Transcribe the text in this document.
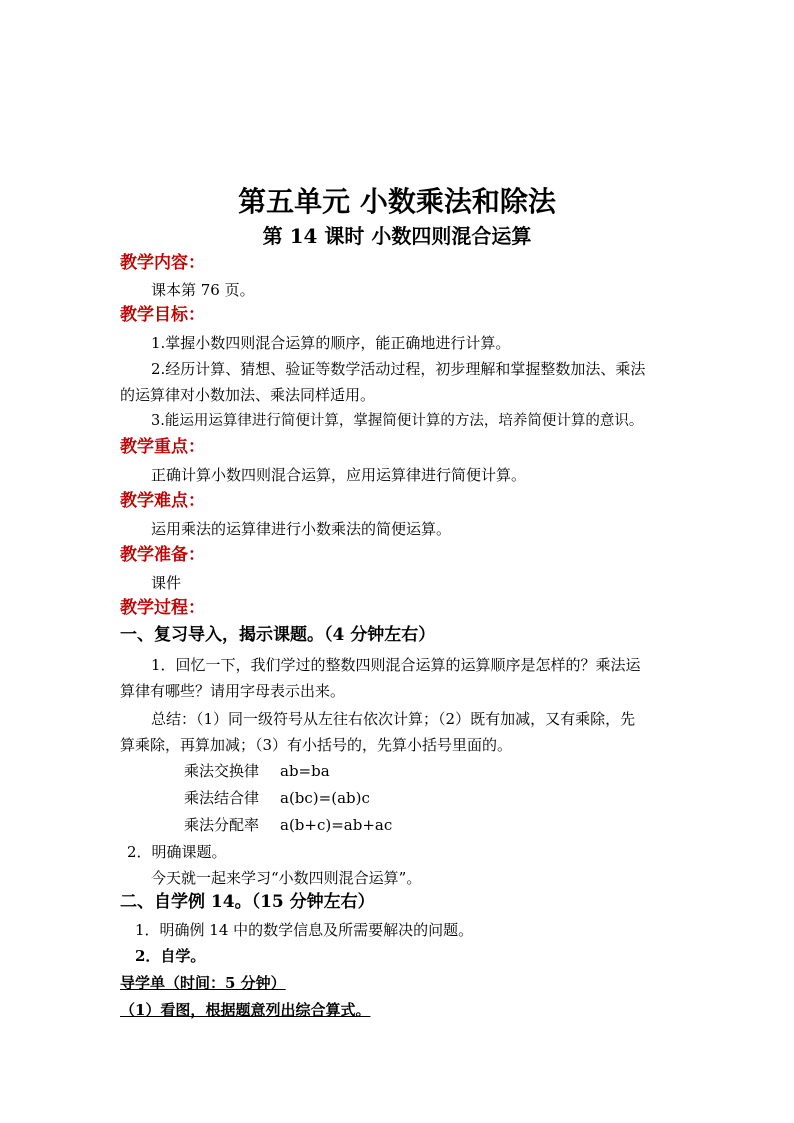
第五单元 小数乘法和除法
第 14 课时 小数四则混合运算
教学内容：
课本第 76 页。
教学目标：
1.掌握小数四则混合运算的顺序，能正确地进行计算。
2.经历计算、猜想、验证等数学活动过程，初步理解和掌握整数加法、乘法
的运算律对小数加法、乘法同样适用。
3.能运用运算律进行简便计算，掌握简便计算的方法，培养简便计算的意识。
教学重点：
正确计算小数四则混合运算，应用运算律进行简便计算。
教学难点：
运用乘法的运算律进行小数乘法的简便运算。
教学准备：
课件
教学过程：
一、复习导入，揭示课题。（4 分钟左右）
1．回忆一下，我们学过的整数四则混合运算的运算顺序是怎样的？乘法运
算律有哪些？请用字母表示出来。
总结：（1）同一级符号从左往右依次计算；（2）既有加减，又有乘除，先
算乘除，再算加减；（3）有小括号的，先算小括号里面的。
乘法交换律 ab=ba
乘法结合律 a(bc)=(ab)c
乘法分配率 a(b+c)=ab+ac
2．明确课题。
今天就一起来学习“小数四则混合运算”。
二、自学例 14。（15 分钟左右）
1．明确例 14 中的数学信息及所需要解决的问题。
2．自学。
导学单（时间：5 分钟）
（1）看图，根据题意列出综合算式。
